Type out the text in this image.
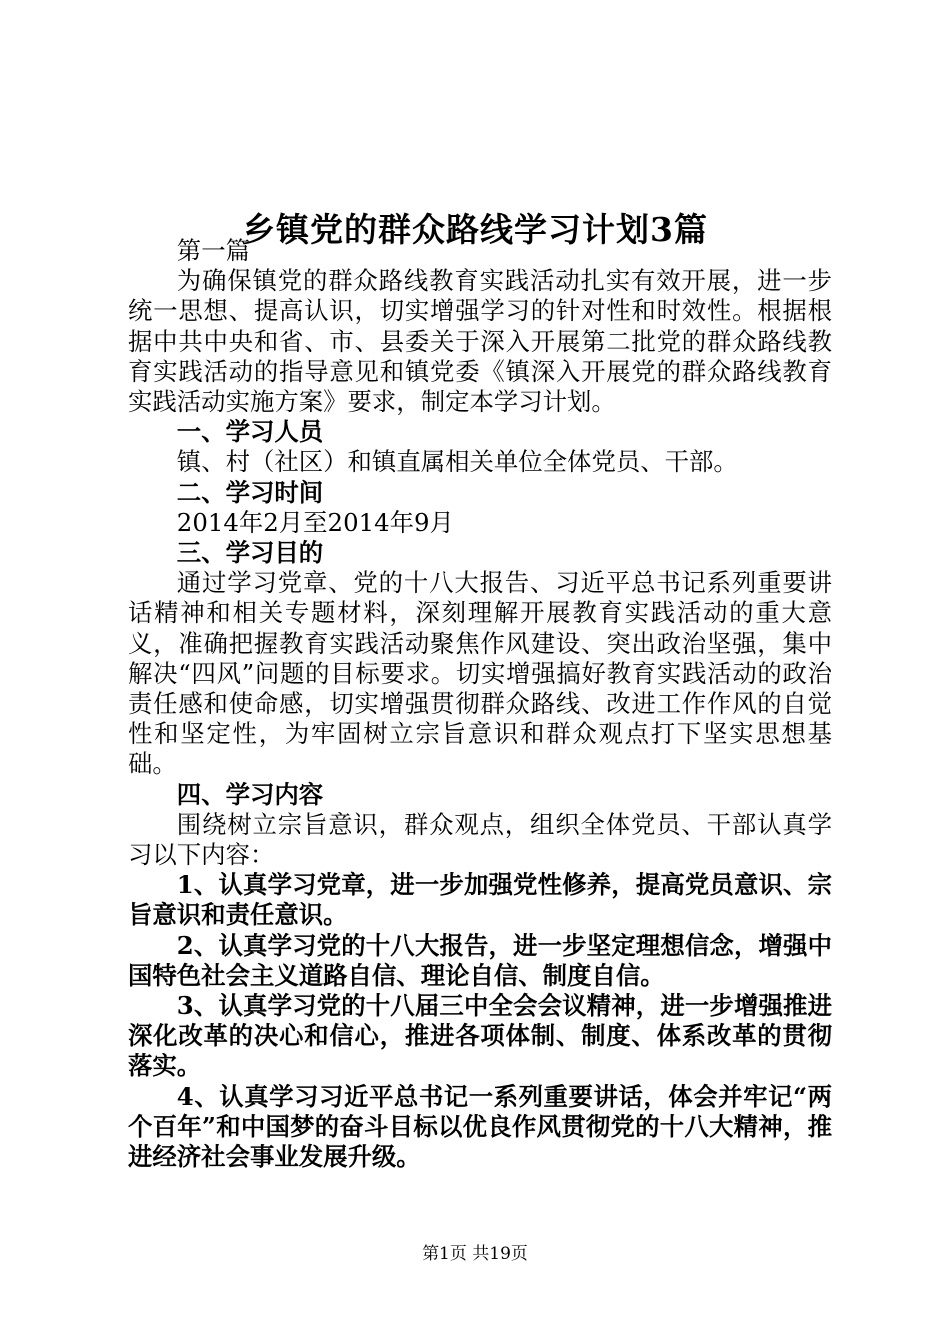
乡镇党的群众路线学习计划3篇

第一篇

为确保镇党的群众路线教育实践活动扎实有效开展，进一步统一思想、提高认识，切实增强学习的针对性和时效性。根据根据中共中央和省、市、县委关于深入开展第二批党的群众路线教育实践活动的指导意见和镇党委《镇深入开展党的群众路线教育实践活动实施方案》要求，制定本学习计划。

一、学习人员

镇、村（社区）和镇直属相关单位全体党员、干部。

二、学习时间

2014年2月至2014年9月

三、学习目的

通过学习党章、党的十八大报告、习近平总书记系列重要讲话精神和相关专题材料，深刻理解开展教育实践活动的重大意义，准确把握教育实践活动聚焦作风建设、突出政治坚强，集中解决“四风”问题的目标要求。切实增强搞好教育实践活动的政治责任感和使命感，切实增强贯彻群众路线、改进工作作风的自觉性和坚定性，为牢固树立宗旨意识和群众观点打下坚实思想基础。

四、学习内容

围绕树立宗旨意识，群众观点，组织全体党员、干部认真学习以下内容：

1、认真学习党章，进一步加强党性修养，提高党员意识、宗旨意识和责任意识。

2、认真学习党的十八大报告，进一步坚定理想信念，增强中国特色社会主义道路自信、理论自信、制度自信。

3、认真学习党的十八届三中全会会议精神，进一步增强推进深化改革的决心和信心，推进各项体制、制度、体系改革的贯彻落实。

4、认真学习习近平总书记一系列重要讲话，体会并牢记“两个百年”和中国梦的奋斗目标以优良作风贯彻党的十八大精神，推进经济社会事业发展升级。

第1页 共19页
